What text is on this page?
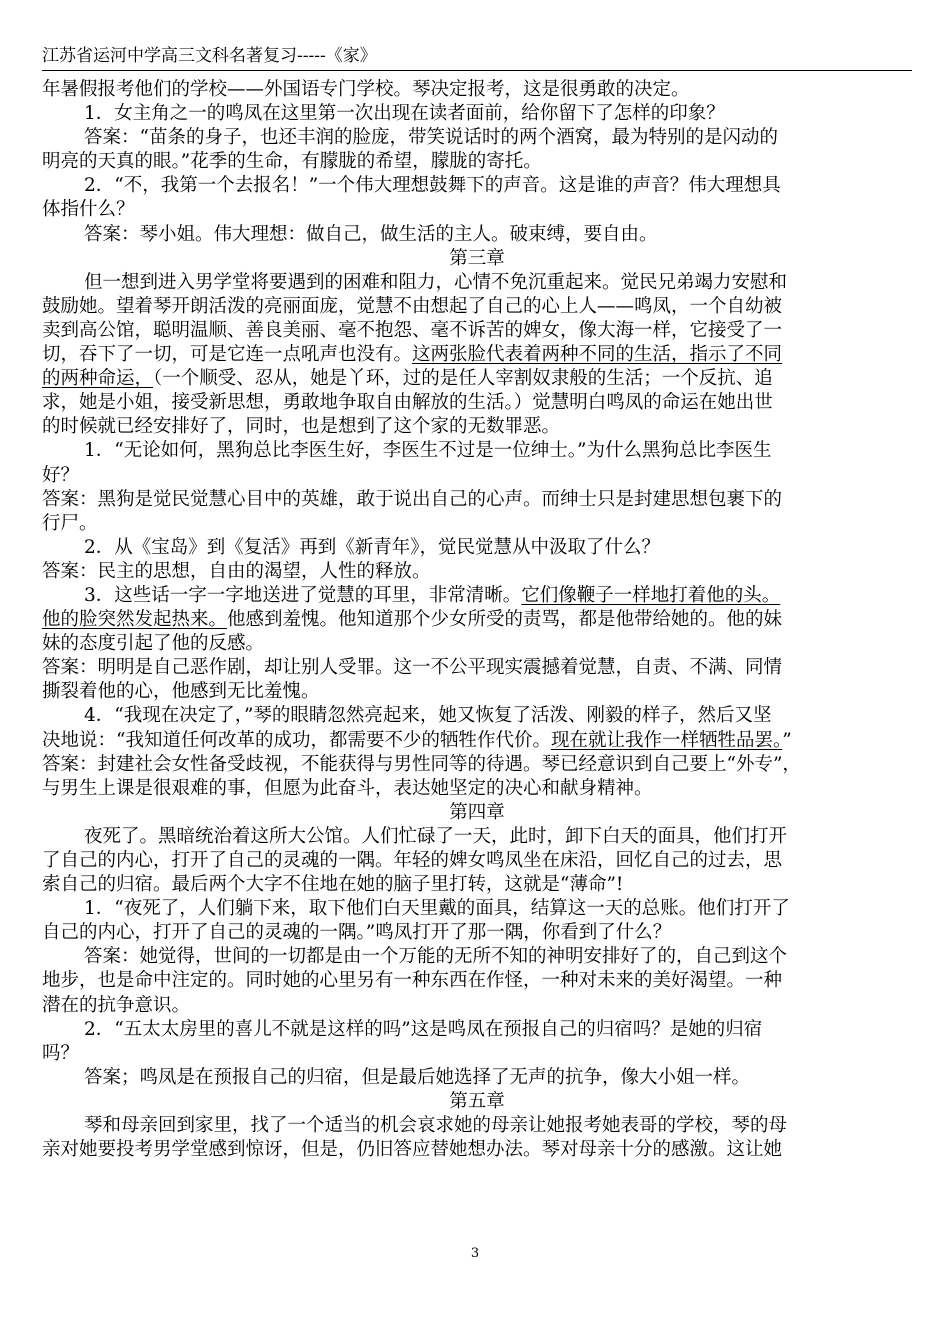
江苏省运河中学高三文科名著复习-----《家》
年暑假报考他们的学校——外国语专门学校。琴决定报考，这是很勇敢的决定。
1．女主角之一的鸣凤在这里第一次出现在读者面前，给你留下了怎样的印象？
答案：“苗条的身子，也还丰润的脸庞，带笑说话时的两个酒窝，最为特别的是闪动的
明亮的天真的眼。”花季的生命，有朦胧的希望，朦胧的寄托。
2．“不，我第一个去报名！”一个伟大理想鼓舞下的声音。这是谁的声音？伟大理想具
体指什么？
答案：琴小姐。伟大理想：做自己，做生活的主人。破束缚，要自由。
第三章
但一想到进入男学堂将要遇到的困难和阻力，心情不免沉重起来。觉民兄弟竭力安慰和
鼓励她。望着琴开朗活泼的亮丽面庞，觉慧不由想起了自己的心上人——鸣凤，一个自幼被
卖到高公馆，聪明温顺、善良美丽、毫不抱怨、毫不诉苦的婢女，像大海一样，它接受了一
切，吞下了一切，可是它连一点吼声也没有。这两张脸代表着两种不同的生活，指示了不同
的两种命运，（一个顺受、忍从，她是丫环，过的是任人宰割奴隶般的生活；一个反抗、追
求，她是小姐，接受新思想，勇敢地争取自由解放的生活。）觉慧明白鸣凤的命运在她出世
的时候就已经安排好了，同时，也是想到了这个家的无数罪恶。
1．“无论如何，黑狗总比李医生好，李医生不过是一位绅士。”为什么黑狗总比李医生
好？
答案：黑狗是觉民觉慧心目中的英雄，敢于说出自己的心声。而绅士只是封建思想包裹下的
行尸。
2．从《宝岛》到《复活》再到《新青年》，觉民觉慧从中汲取了什么？
答案：民主的思想，自由的渴望，人性的释放。
3．这些话一字一字地送进了觉慧的耳里，非常清晰。它们像鞭子一样地打着他的头。
他的脸突然发起热来。他感到羞愧。他知道那个少女所受的责骂，都是他带给她的。他的妹
妹的态度引起了他的反感。
答案：明明是自己恶作剧，却让别人受罪。这一不公平现实震撼着觉慧，自责、不满、同情
撕裂着他的心，他感到无比羞愧。
4．“我现在决定了，”琴的眼睛忽然亮起来，她又恢复了活泼、刚毅的样子，然后又坚
决地说：“我知道任何改革的成功，都需要不少的牺牲作代价。现在就让我作一样牺牲品罢。”
答案：封建社会女性备受歧视，不能获得与男性同等的待遇。琴已经意识到自己要上“外专”，
与男生上课是很艰难的事，但愿为此奋斗，表达她坚定的决心和献身精神。
第四章
夜死了。黑暗统治着这所大公馆。人们忙碌了一天，此时，卸下白天的面具，他们打开
了自己的内心，打开了自己的灵魂的一隅。年轻的婢女鸣凤坐在床沿，回忆自己的过去，思
索自己的归宿。最后两个大字不住地在她的脑子里打转，这就是“薄命”!
1．“夜死了，人们躺下来，取下他们白天里戴的面具，结算这一天的总账。他们打开了
自己的内心，打开了自己的灵魂的一隅。”鸣凤打开了那一隅，你看到了什么？
答案：她觉得，世间的一切都是由一个万能的无所不知的神明安排好了的，自己到这个
地步，也是命中注定的。同时她的心里另有一种东西在作怪，一种对未来的美好渴望。一种
潜在的抗争意识。
2．“五太太房里的喜儿不就是这样的吗”这是鸣凤在预报自己的归宿吗？是她的归宿
吗？
答案；鸣凤是在预报自己的归宿，但是最后她选择了无声的抗争，像大小姐一样。
第五章
琴和母亲回到家里，找了一个适当的机会哀求她的母亲让她报考她表哥的学校，琴的母
亲对她要投考男学堂感到惊讶，但是，仍旧答应替她想办法。琴对母亲十分的感激。这让她
3
